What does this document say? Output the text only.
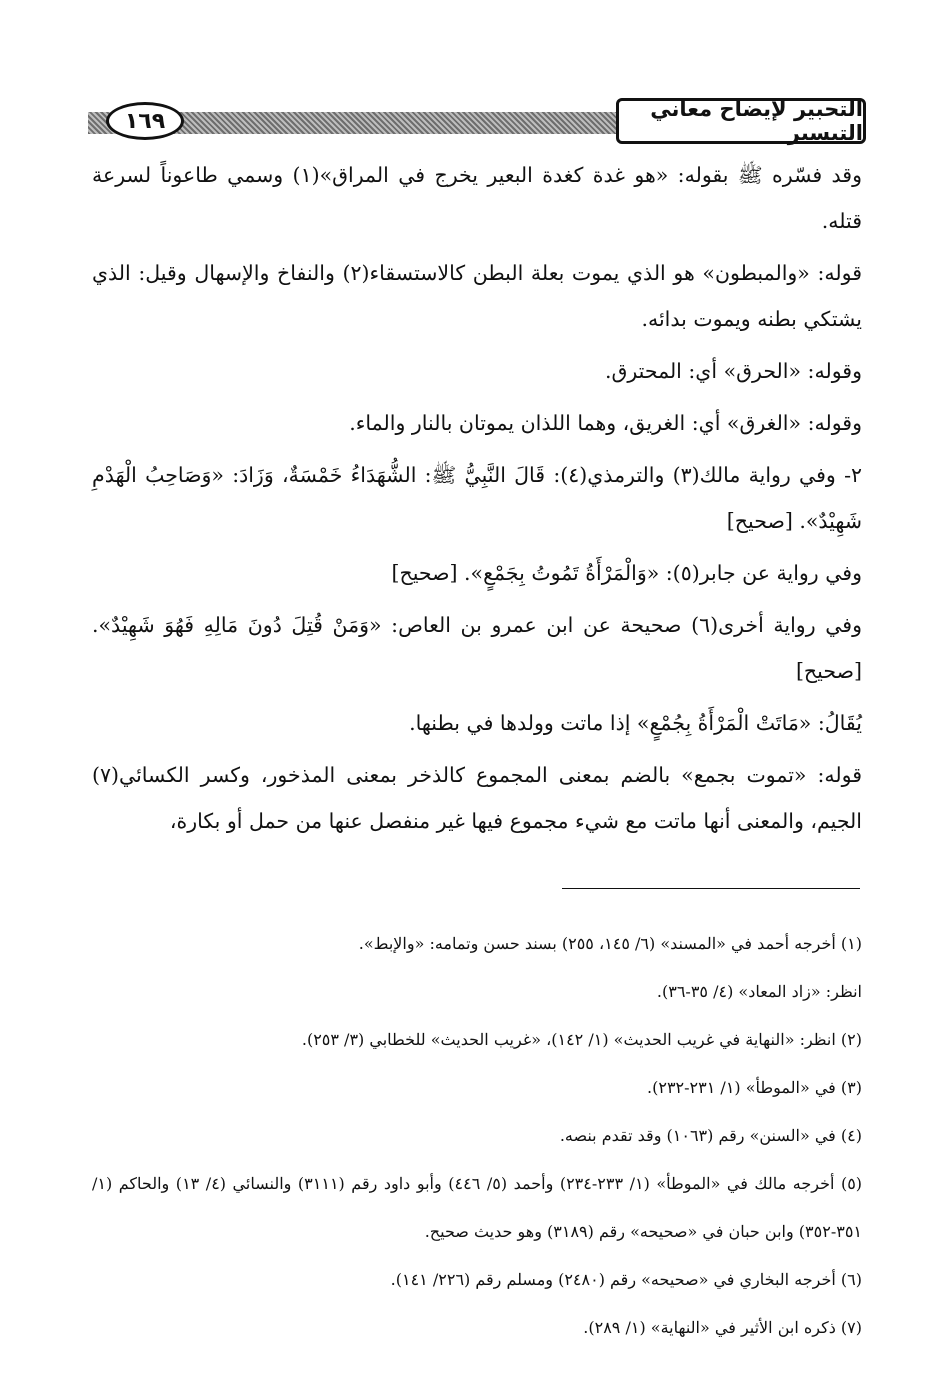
التحبير لإيضاح معاني التيسير
١٦٩

وقد فسّره ﷺ بقوله: «هو غدة كغدة البعير يخرج في المراق»(١) وسمي طاعوناً لسرعة قتله.

قوله: «والمبطون» هو الذي يموت بعلة البطن كالاستسقاء(٢) والنفاخ والإسهال وقيل: الذي يشتكي بطنه ويموت بدائه.

وقوله: «الحرق» أي: المحترق.

وقوله: «الغرق» أي: الغريق، وهما اللذان يموتان بالنار والماء.

٢- وفي رواية مالك(٣) والترمذي(٤): قَالَ النَّبِيُّ ﷺ: الشُّهَدَاءُ خَمْسَةٌ، وَزَادَ: «وَصَاحِبُ الْهَدْمِ شَهِيْدٌ». [صحيح]

وفي رواية عن جابر(٥): «وَالْمَرْأَةُ تَمُوتُ بِجَمْعٍ». [صحيح]

وفي رواية أخرى(٦) صحيحة عن ابن عمرو بن العاص: «وَمَنْ قُتِلَ دُونَ مَالِهِ فَهُوَ شَهِيْدٌ». [صحيح]

يُقَالُ: «مَاتَتْ الْمَرْأَةُ بِجُمْعٍ» إذا ماتت وولدها في بطنها.

قوله: «تموت بجمع» بالضم بمعنى المجموع كالذخر بمعنى المذخور، وكسر الكسائي(٧) الجيم، والمعنى أنها ماتت مع شيء مجموع فيها غير منفصل عنها من حمل أو بكارة،

(١) أخرجه أحمد في «المسند» (٦/ ١٤٥، ٢٥٥) بسند حسن وتمامه: «والإبط».
انظر: «زاد المعاد» (٤/ ٣٥-٣٦).
(٢) انظر: «النهاية في غريب الحديث» (١/ ١٤٢)، «غريب الحديث» للخطابي (٣/ ٢٥٣).
(٣) في «الموطأ» (١/ ٢٣١-٢٣٢).
(٤) في «السنن» رقم (١٠٦٣) وقد تقدم بنصه.
(٥) أخرجه مالك في «الموطأ» (١/ ٢٣٣-٢٣٤) وأحمد (٥/ ٤٤٦) وأبو داود رقم (٣١١١) والنسائي (٤/ ١٣) والحاكم (١/ ٣٥١-٣٥٢) وابن حبان في «صحيحه» رقم (٣١٨٩) وهو حديث صحيح.
(٦) أخرجه البخاري في «صحيحه» رقم (٢٤٨٠) ومسلم رقم (٢٢٦/ ١٤١).
(٧) ذكره ابن الأثير في «النهاية» (١/ ٢٨٩).
